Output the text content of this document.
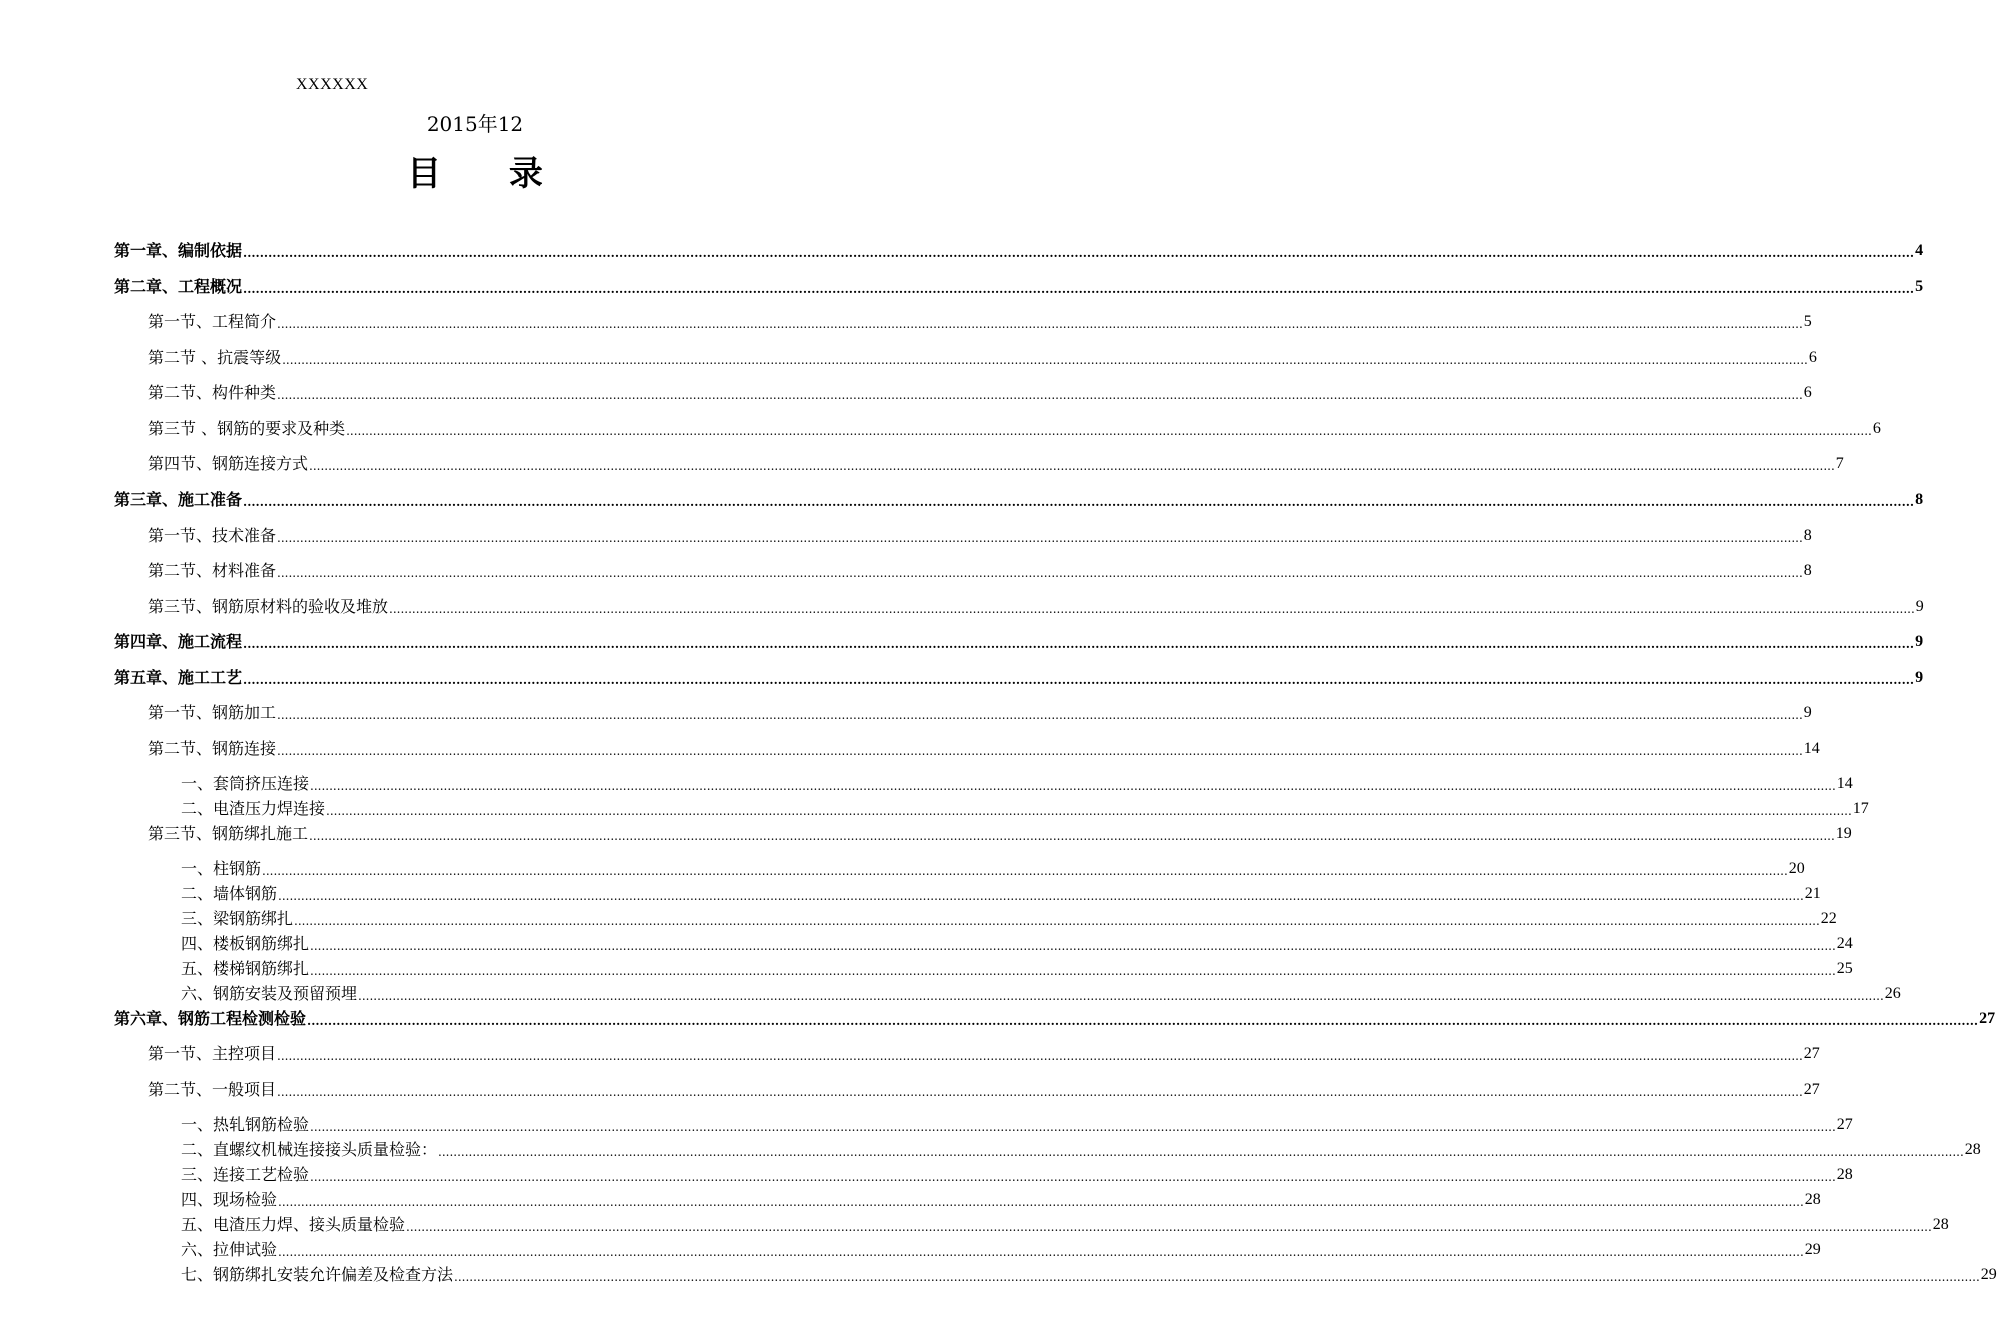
XXXXXX
2015年12
目 录
第一章、编制依据 ................................................................................................................................................................................................................................................................................................................................................................................................................ 4
第二章、工程概况 ................................................................................................................................................................................................................................................................................................................................................................................................................ 5
第一节、工程简介 ................................................................................................................................................................................................................................................................................................................................................................................................................ 5
第二节 、抗震等级 ................................................................................................................................................................................................................................................................................................................................................................................................................ 6
第二节、构件种类 ................................................................................................................................................................................................................................................................................................................................................................................................................ 6
第三节 、钢筋的要求及种类 ................................................................................................................................................................................................................................................................................................................................................................................................................ 6
第四节、钢筋连接方式 ................................................................................................................................................................................................................................................................................................................................................................................................................ 7
第三章、施工准备 ................................................................................................................................................................................................................................................................................................................................................................................................................ 8
第一节、技术准备 ................................................................................................................................................................................................................................................................................................................................................................................................................ 8
第二节、材料准备 ................................................................................................................................................................................................................................................................................................................................................................................................................ 8
第三节、钢筋原材料的验收及堆放 ................................................................................................................................................................................................................................................................................................................................................................................................................ 9
第四章、施工流程 ................................................................................................................................................................................................................................................................................................................................................................................................................ 9
第五章、施工工艺 ................................................................................................................................................................................................................................................................................................................................................................................................................ 9
第一节、钢筋加工 ................................................................................................................................................................................................................................................................................................................................................................................................................ 9
第二节、钢筋连接 ................................................................................................................................................................................................................................................................................................................................................................................................................ 14
一、套筒挤压连接 ................................................................................................................................................................................................................................................................................................................................................................................................................ 14
二、电渣压力焊连接 ................................................................................................................................................................................................................................................................................................................................................................................................................ 17
第三节、钢筋绑扎施工 ................................................................................................................................................................................................................................................................................................................................................................................................................ 19
一、柱钢筋 ................................................................................................................................................................................................................................................................................................................................................................................................................ 20
二、墙体钢筋 ................................................................................................................................................................................................................................................................................................................................................................................................................ 21
三、梁钢筋绑扎 ................................................................................................................................................................................................................................................................................................................................................................................................................ 22
四、楼板钢筋绑扎 ................................................................................................................................................................................................................................................................................................................................................................................................................ 24
五、楼梯钢筋绑扎 ................................................................................................................................................................................................................................................................................................................................................................................................................ 25
六、钢筋安装及预留预埋 ................................................................................................................................................................................................................................................................................................................................................................................................................ 26
第六章、钢筋工程检测检验 ................................................................................................................................................................................................................................................................................................................................................................................................................ 27
第一节、主控项目 ................................................................................................................................................................................................................................................................................................................................................................................................................ 27
第二节、一般项目 ................................................................................................................................................................................................................................................................................................................................................................................................................ 27
一、热轧钢筋检验 ................................................................................................................................................................................................................................................................................................................................................................................................................ 27
二、直螺纹机械连接接头质量检验： ................................................................................................................................................................................................................................................................................................................................................................................................................ 28
三、连接工艺检验 ................................................................................................................................................................................................................................................................................................................................................................................................................ 28
四、现场检验 ................................................................................................................................................................................................................................................................................................................................................................................................................ 28
五、电渣压力焊、接头质量检验 ................................................................................................................................................................................................................................................................................................................................................................................................................ 28
六、拉伸试验 ................................................................................................................................................................................................................................................................................................................................................................................................................ 29
七、钢筋绑扎安装允许偏差及检查方法 ................................................................................................................................................................................................................................................................................................................................................................................................................ 29
